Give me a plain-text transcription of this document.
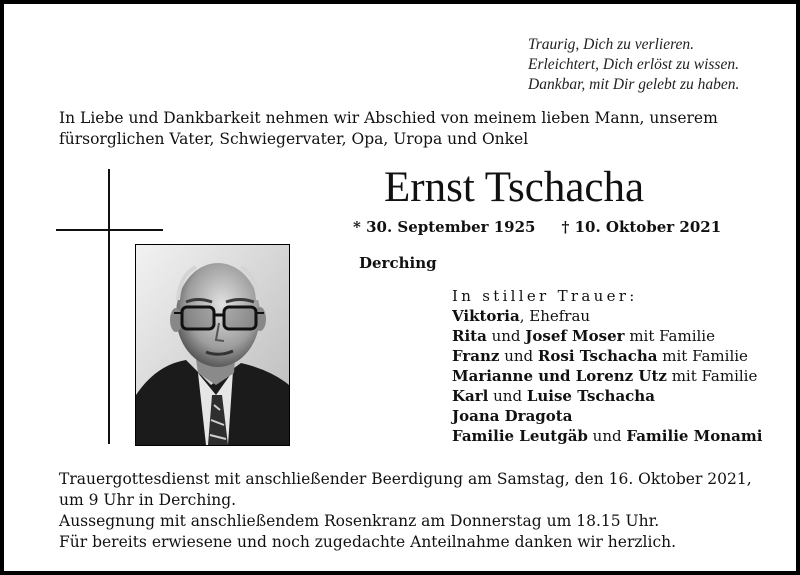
Traurig, Dich zu verlieren.
Erleichtert, Dich erlöst zu wissen.
Dankbar, mit Dir gelebt zu haben.
In Liebe und Dankbarkeit nehmen wir Abschied von meinem lieben Mann, unserem
fürsorglichen Vater, Schwiegervater, Opa, Uropa und Onkel
Ernst Tschacha
* 30. September 1925 † 10. Oktober 2021
Derching
In stiller Trauer:
Viktoria, Ehefrau
Rita und Josef Moser mit Familie
Franz und Rosi Tschacha mit Familie
Marianne und Lorenz Utz mit Familie
Karl und Luise Tschacha
Joana Dragota
Familie Leutgäb und Familie Monami
Trauergottesdienst mit anschließender Beerdigung am Samstag, den 16. Oktober 2021,
um 9 Uhr in Derching.
Aussegnung mit anschließendem Rosenkranz am Donnerstag um 18.15 Uhr.
Für bereits erwiesene und noch zugedachte Anteilnahme danken wir herzlich.
